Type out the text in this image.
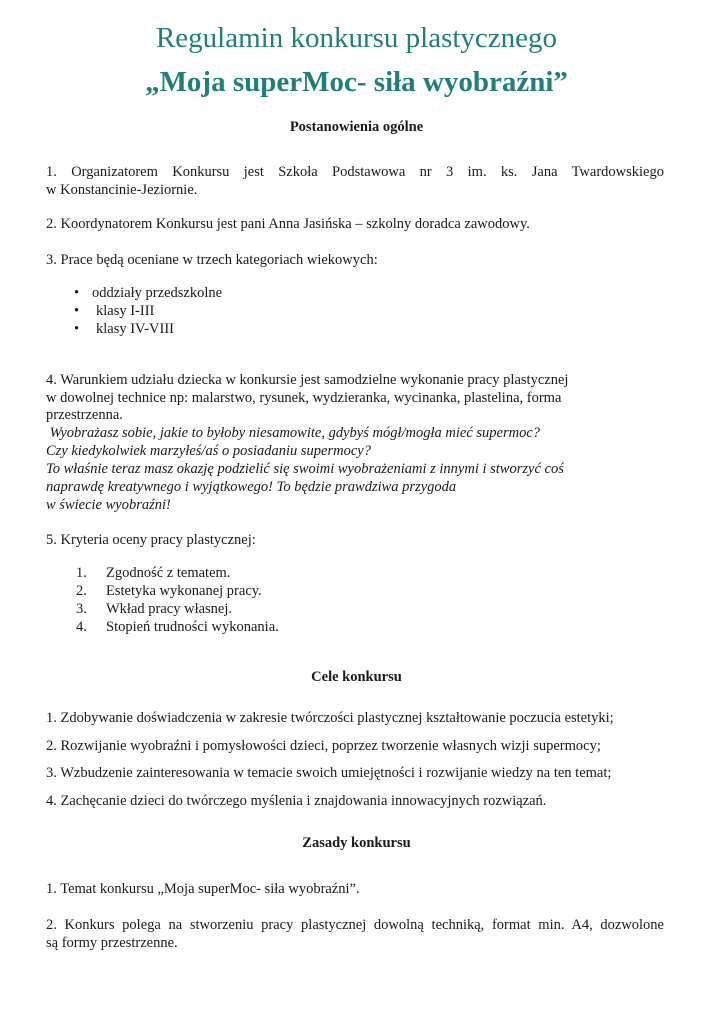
Regulamin konkursu plastycznego
„Moja superMoc- siła wyobraźni”
Postanowienia ogólne
1. Organizatorem Konkursu jest Szkoła Podstawowa nr 3 im. ks. Jana Twardowskiego
w Konstancinie-Jeziornie.
2. Koordynatorem Konkursu jest pani Anna Jasińska – szkolny doradca zawodowy.
3. Prace będą oceniane w trzech kategoriach wiekowych:
• oddziały przedszkolne
• klasy I-III
• klasy IV-VIII
4. Warunkiem udziału dziecka w konkursie jest samodzielne wykonanie pracy plastycznej
w dowolnej technice np: malarstwo, rysunek, wydzieranka, wycinanka, plastelina, forma
przestrzenna.
Wyobrażasz sobie, jakie to byłoby niesamowite, gdybyś mógł/mogła mieć supermoc?
Czy kiedykolwiek marzyłeś/aś o posiadaniu supermocy?
To właśnie teraz masz okazję podzielić się swoimi wyobrażeniami z innymi i stworzyć coś
naprawdę kreatywnego i wyjątkowego! To będzie prawdziwa przygoda
w świecie wyobraźni!
5. Kryteria oceny pracy plastycznej:
1.	Zgodność z tematem.
2.	Estetyka wykonanej pracy.
3.	Wkład pracy własnej.
4.	Stopień trudności wykonania.
Cele konkursu
1. Zdobywanie doświadczenia w zakresie twórczości plastycznej kształtowanie poczucia estetyki;
2. Rozwijanie wyobraźni i pomysłowości dzieci, poprzez tworzenie własnych wizji supermocy;
3. Wzbudzenie zainteresowania w temacie swoich umiejętności i rozwijanie wiedzy na ten temat;
4. Zachęcanie dzieci do twórczego myślenia i znajdowania innowacyjnych rozwiązań.
Zasady konkursu
1. Temat konkursu „Moja superMoc- siła wyobraźni”.
2. Konkurs polega na stworzeniu pracy plastycznej dowolną techniką, format min. A4, dozwolone
są formy przestrzenne.
